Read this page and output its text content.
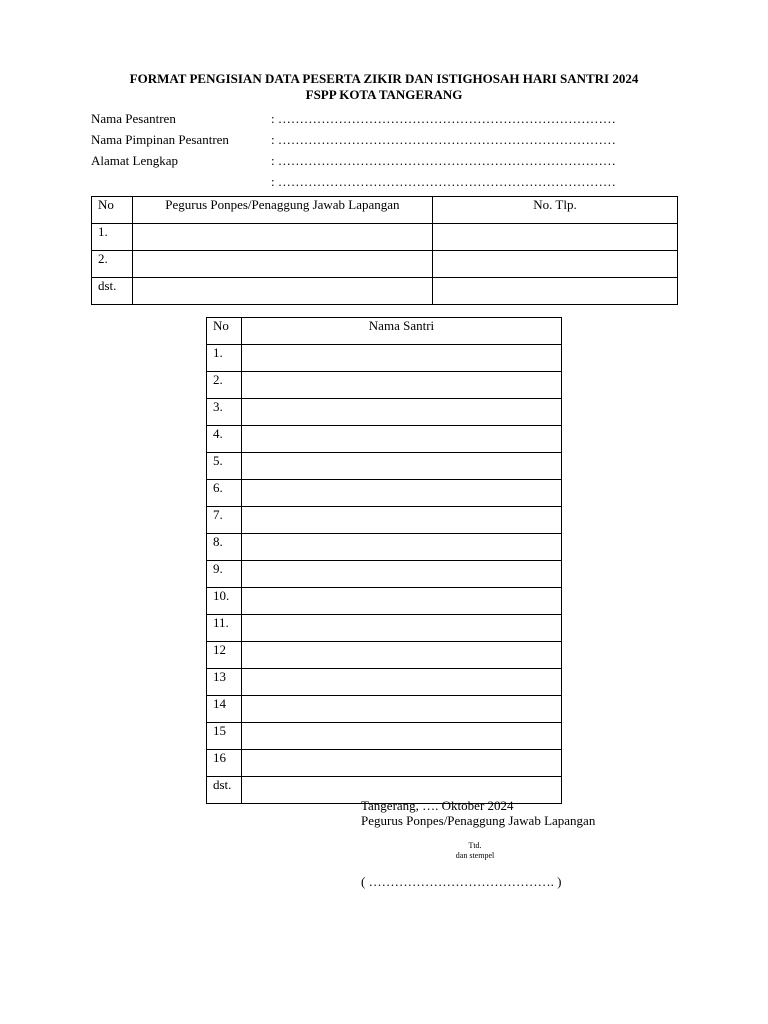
FORMAT PENGISIAN DATA PESERTA ZIKIR DAN ISTIGHOSAH HARI SANTRI 2024
FSPP KOTA TANGERANG
Nama Pesantren	: ……………………………………………………………………
Nama Pimpinan Pesantren	: ……………………………………………………………………
Alamat Lengkap	: ……………………………………………………………………
: ……………………………………………………………………
No	Pegurus Ponpes/Penaggung Jawab Lapangan	No. Tlp.
1.		
2.		
dst.		
No	Nama Santri
1.	
2.	
3.	
4.	
5.	
6.	
7.	
8.	
9.	
10.	
11.	
12	
13	
14	
15	
16	
dst.	
Tangerang, …. Oktober 2024
Pegurus Ponpes/Penaggung Jawab Lapangan
Ttd.
dan stempel
( ……………………………………. )
